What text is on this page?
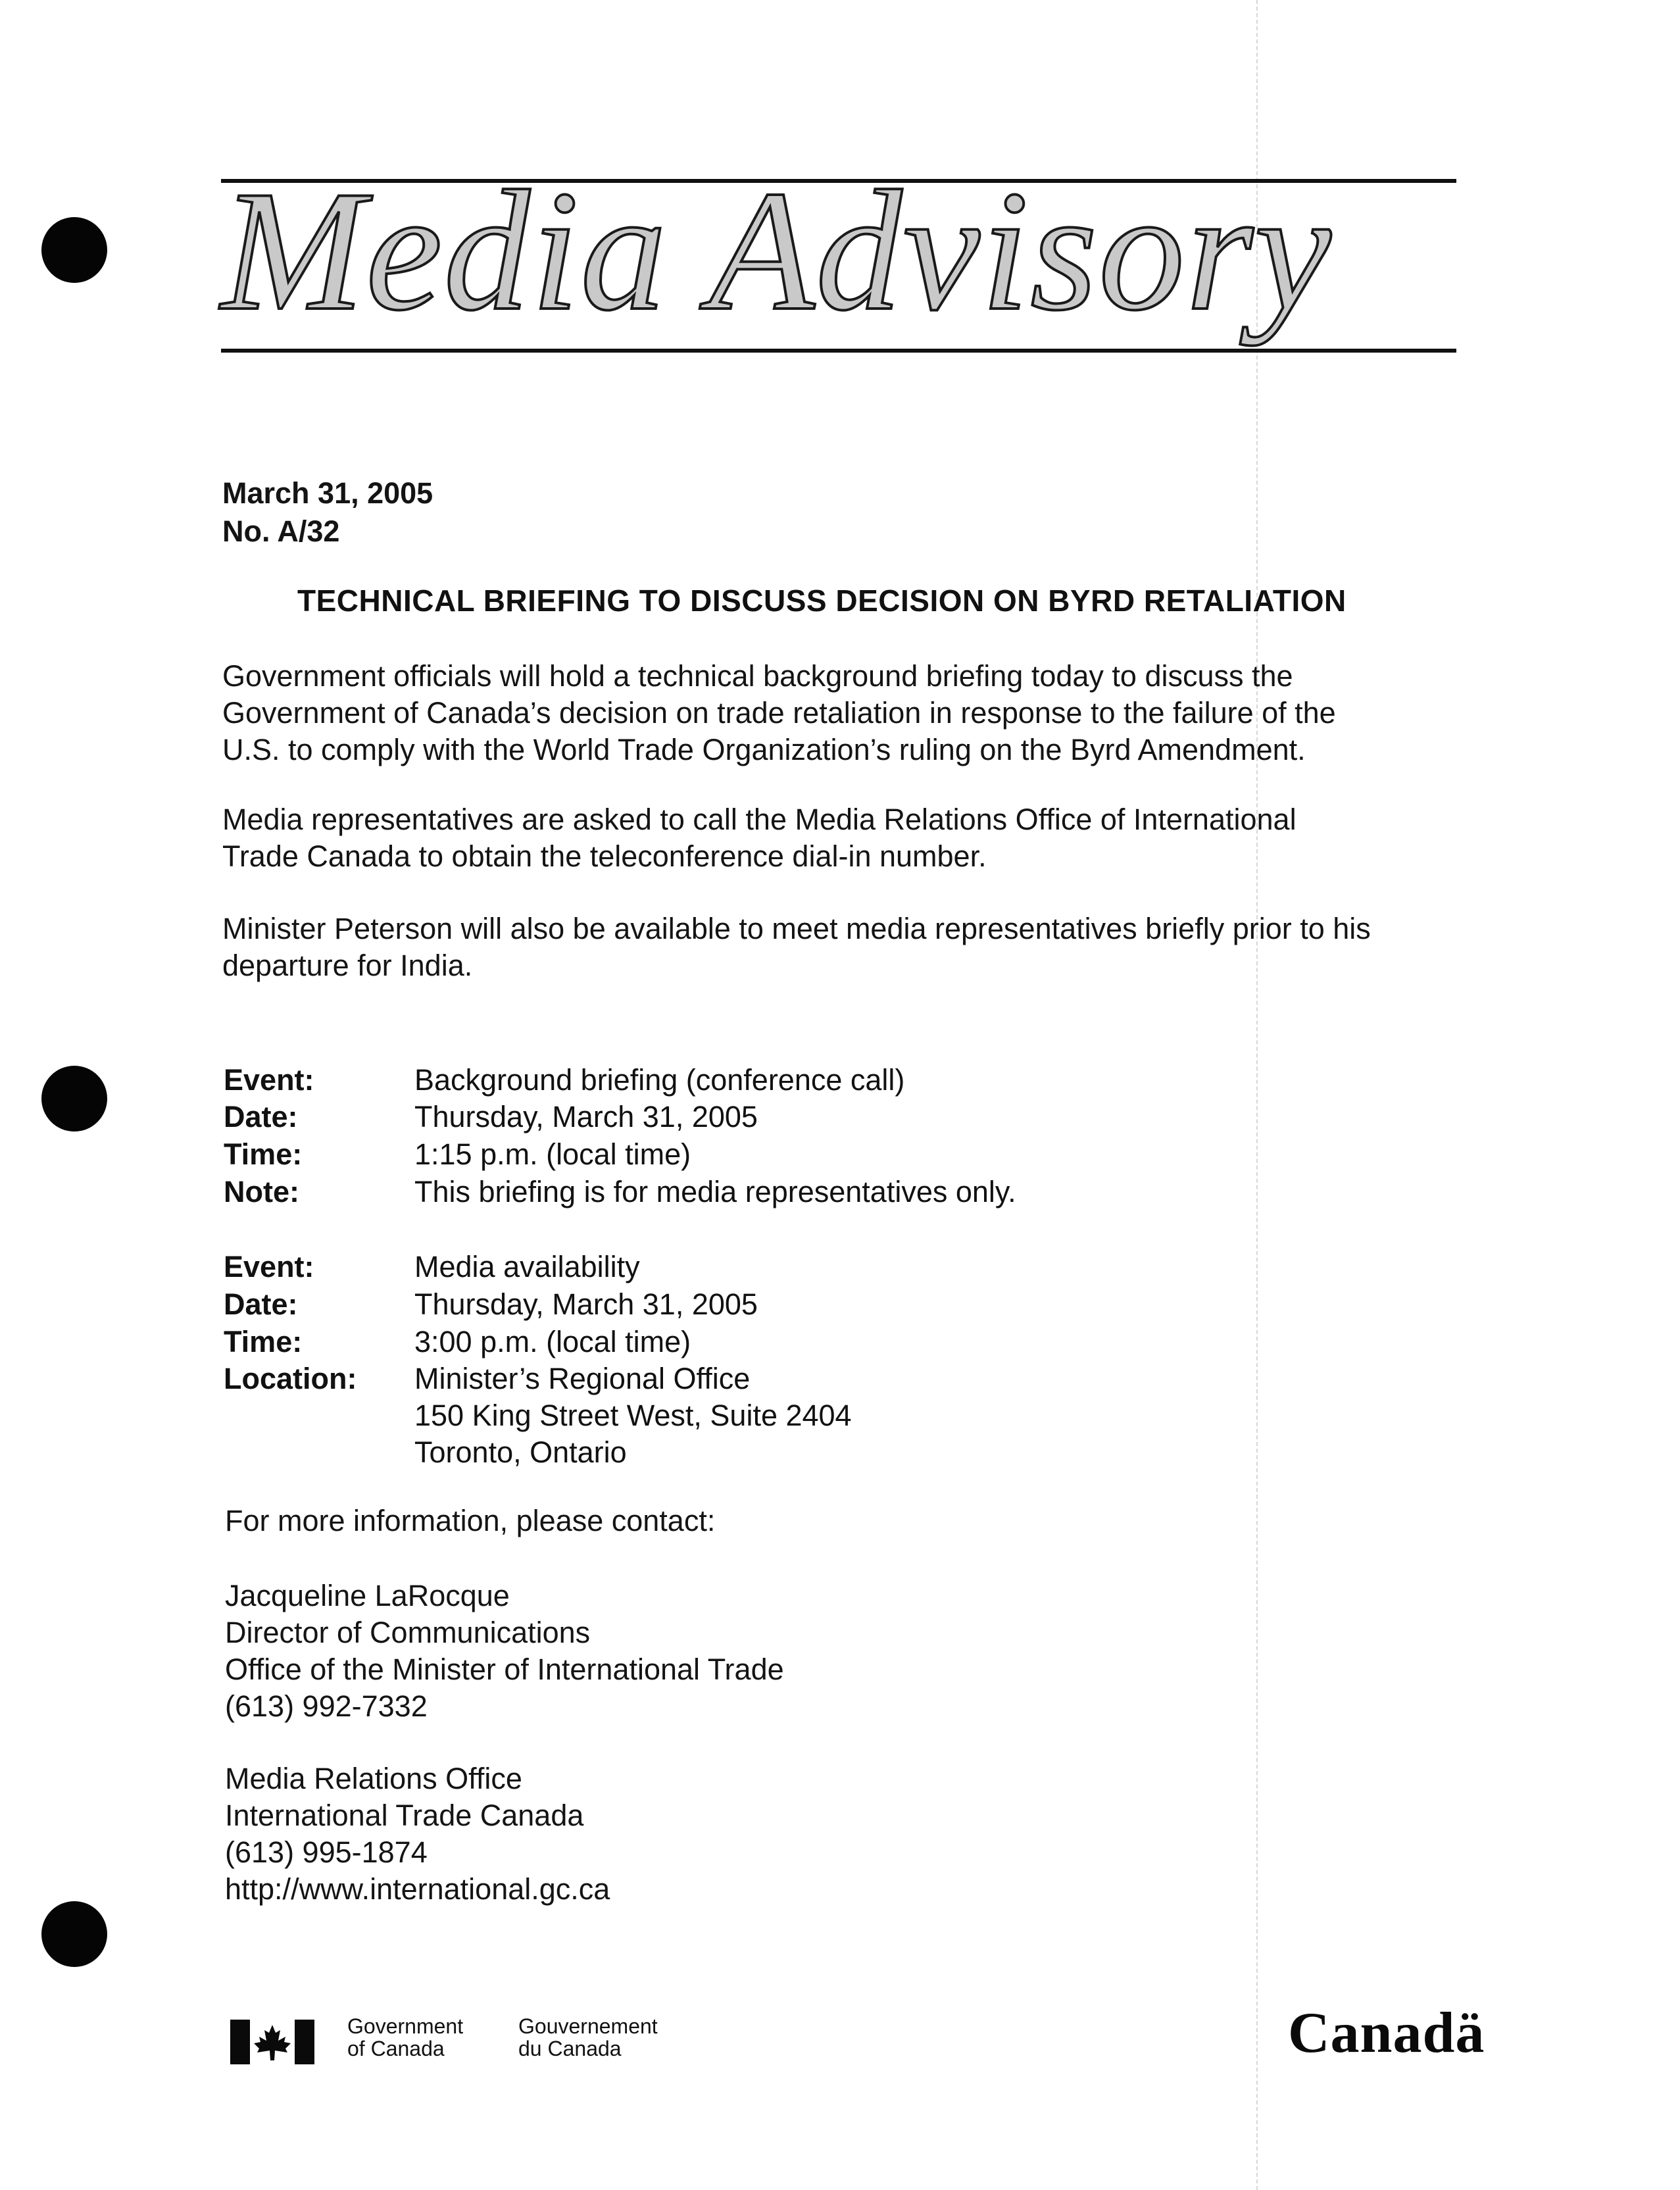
Media Advisory
March 31, 2005
No. A/32
TECHNICAL BRIEFING TO DISCUSS DECISION ON BYRD RETALIATION
Government officials will hold a technical background briefing today to discuss the
Government of Canada’s decision on trade retaliation in response to the failure of the
U.S. to comply with the World Trade Organization’s ruling on the Byrd Amendment.
Media representatives are asked to call the Media Relations Office of International
Trade Canada to obtain the teleconference dial-in number.
Minister Peterson will also be available to meet media representatives briefly prior to his
departure for India.
Event:	Background briefing (conference call)
Date:	Thursday, March 31, 2005
Time:	1:15 p.m. (local time)
Note:	This briefing is for media representatives only.
Event:	Media availability
Date:	Thursday, March 31, 2005
Time:	3:00 p.m. (local time)
Location: Minister’s Regional Office
150 King Street West, Suite 2404
Toronto, Ontario
For more information, please contact:
Jacqueline LaRocque
Director of Communications
Office of the Minister of International Trade
(613) 992-7332
Media Relations Office
International Trade Canada
(613) 995-1874
http://www.international.gc.ca
Government
of Canada
Gouvernement
du Canada	Canadä
